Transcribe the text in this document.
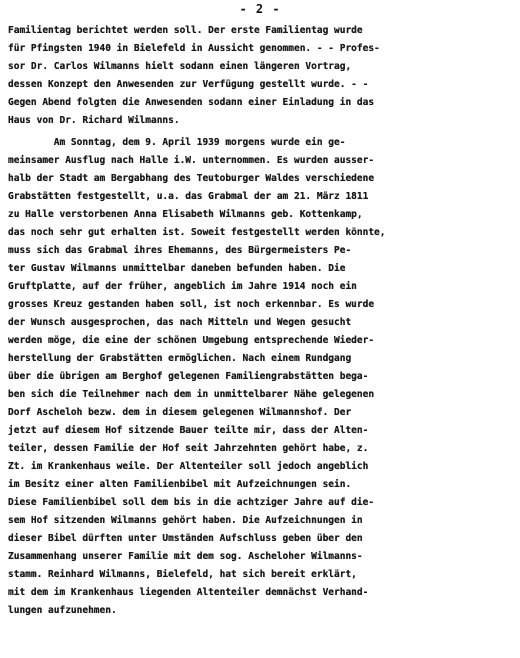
- 2 -
Familientag berichtet werden soll. Der erste Familientag wurde
für Pfingsten 1940 in Bielefeld in Aussicht genommen. - - Profes-
sor Dr. Carlos Wilmanns hielt sodann einen längeren Vortrag,
dessen Konzept den Anwesenden zur Verfügung gestellt wurde. - -
Gegen Abend folgten die Anwesenden sodann einer Einladung in das
Haus von Dr. Richard Wilmanns.
Am Sonntag, dem 9. April 1939 morgens wurde ein ge-
meinsamer Ausflug nach Halle i.W. unternommen. Es wurden ausser-
halb der Stadt am Bergabhang des Teutoburger Waldes verschiedene
Grabstätten festgestellt, u.a. das Grabmal der am 21. März 1811
zu Halle verstorbenen Anna Elisabeth Wilmanns geb. Kottenkamp,
das noch sehr gut erhalten ist. Soweit festgestellt werden könnte,
muss sich das Grabmal ihres Ehemanns, des Bürgermeisters Pe-
ter Gustav Wilmanns unmittelbar daneben befunden haben. Die
Gruftplatte, auf der früher, angeblich im Jahre 1914 noch ein
grosses Kreuz gestanden haben soll, ist noch erkennbar. Es wurde
der Wunsch ausgesprochen, das nach Mitteln und Wegen gesucht
werden möge, die eine der schönen Umgebung entsprechende Wieder-
herstellung der Grabstätten ermöglichen. Nach einem Rundgang
über die übrigen am Berghof gelegenen Familiengrabstätten bega-
ben sich die Teilnehmer nach dem in unmittelbarer Nähe gelegenen
Dorf Ascheloh bezw. dem in diesem gelegenen Wilmannshof. Der
jetzt auf diesem Hof sitzende Bauer teilte mir, dass der Alten-
teiler, dessen Familie der Hof seit Jahrzehnten gehört habe, z.
Zt. im Krankenhaus weile. Der Altenteiler soll jedoch angeblich
im Besitz einer alten Familienbibel mit Aufzeichnungen sein.
Diese Familienbibel soll dem bis in die achtziger Jahre auf die-
sem Hof sitzenden Wilmanns gehört haben. Die Aufzeichnungen in
dieser Bibel dürften unter Umständen Aufschluss geben über den
Zusammenhang unserer Familie mit dem sog. Ascheloher Wilmanns-
stamm. Reinhard Wilmanns, Bielefeld, hat sich bereit erklärt,
mit dem im Krankenhaus liegenden Altenteiler demnächst Verhand-
lungen aufzunehmen.
